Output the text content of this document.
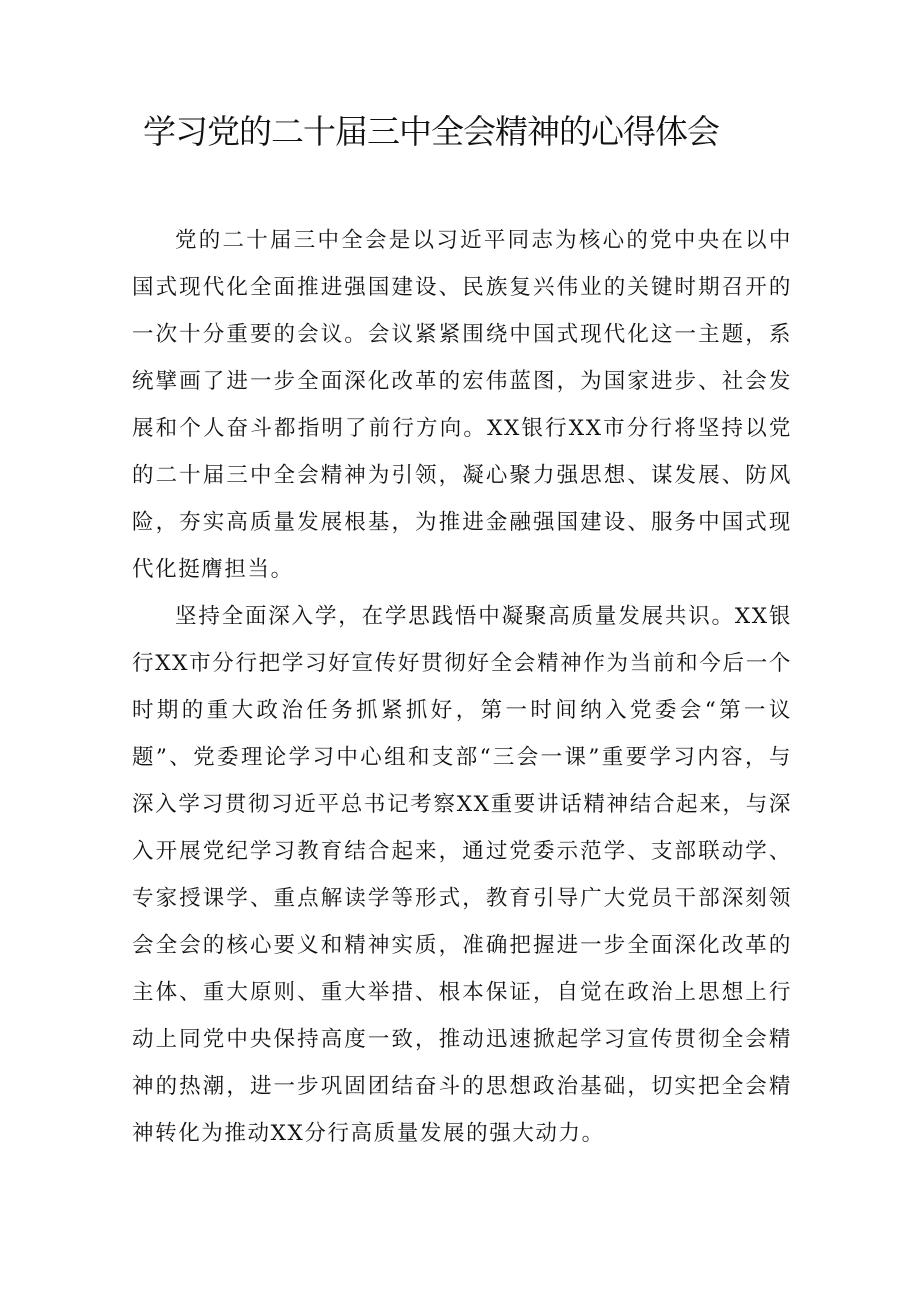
学习党的二十届三中全会精神的心得体会

党的二十届三中全会是以习近平同志为核心的党中央在以中国式现代化全面推进强国建设、民族复兴伟业的关键时期召开的一次十分重要的会议。会议紧紧围绕中国式现代化这一主题，系统擘画了进一步全面深化改革的宏伟蓝图，为国家进步、社会发展和个人奋斗都指明了前行方向。XX银行XX市分行将坚持以党的二十届三中全会精神为引领，凝心聚力强思想、谋发展、防风险，夯实高质量发展根基，为推进金融强国建设、服务中国式现代化挺膺担当。

坚持全面深入学，在学思践悟中凝聚高质量发展共识。XX银行XX市分行把学习好宣传好贯彻好全会精神作为当前和今后一个时期的重大政治任务抓紧抓好，第一时间纳入党委会“第一议题”、党委理论学习中心组和支部“三会一课”重要学习内容，与深入学习贯彻习近平总书记考察XX重要讲话精神结合起来，与深入开展党纪学习教育结合起来，通过党委示范学、支部联动学、专家授课学、重点解读学等形式，教育引导广大党员干部深刻领会全会的核心要义和精神实质，准确把握进一步全面深化改革的主体、重大原则、重大举措、根本保证，自觉在政治上思想上行动上同党中央保持高度一致，推动迅速掀起学习宣传贯彻全会精神的热潮，进一步巩固团结奋斗的思想政治基础，切实把全会精神转化为推动XX分行高质量发展的强大动力。
